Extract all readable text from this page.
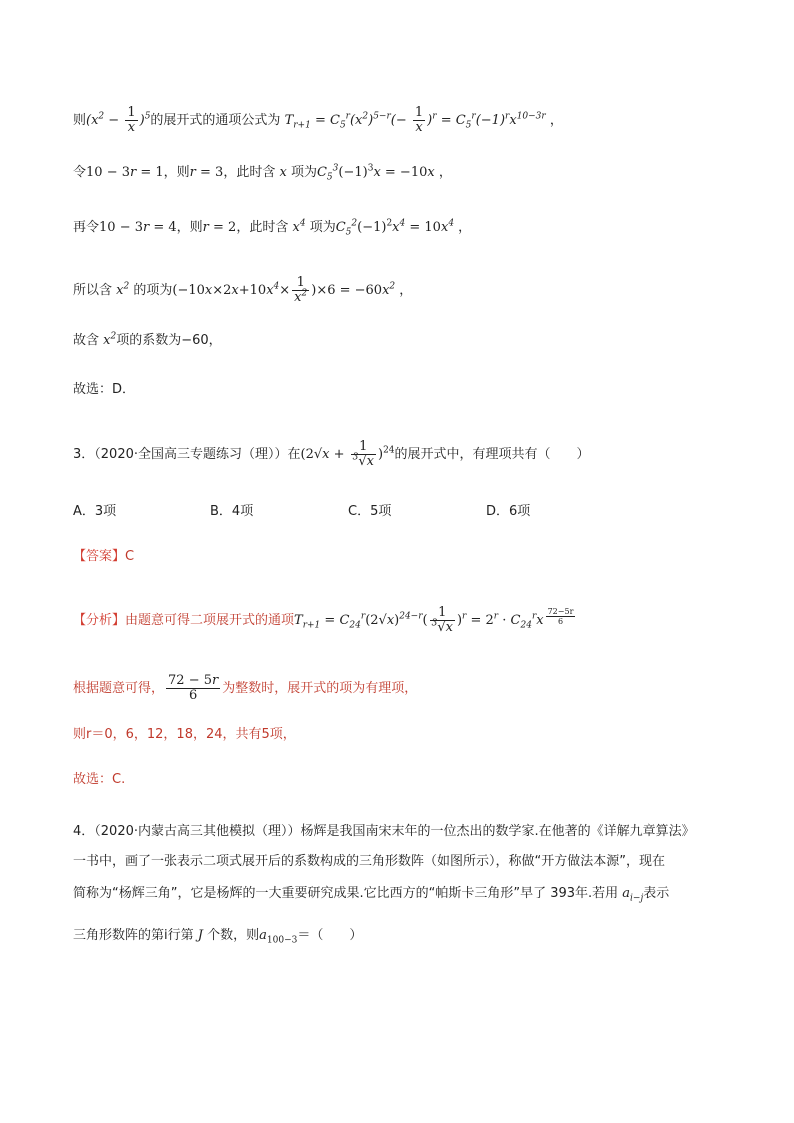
则$(x^2 - \frac{1}{x} )^5$的展开式的通项公式为 $T_{r+1} = C_5^r(x^2)^{5-r}(- \frac{1}{x} )^r = C_5^r(-1)^rx^{10-3r}$ ，
令10 − 3r = 1，则r = 3，此时含 x 项为$C_5^3(-1)^3x = -10x$ ，
再令10 − 3r = 4，则r = 2，此时含 $x^4$ 项为$C_5^2(-1)^2x^4 = 10x^4$ ，
所以含 $x^2$ 的项为$(-10x\times 2x+10x^4\times \frac{1}{x^2} )\times 6 = -60x^2$ ，
故含 $x^2$项的系数为−60，
故选：D．
3．（2020·全国高三专题练习（理））在$(2√x + \frac{1}{^3√x} )^{24}$的展开式中，有理项共有（　　）
A．3项	B．4项	C．5项	D．6项
【答案】C
【分析】由题意可得二项展开式的通项$T_{r+1} = C_{24}^r(2√x)^{24-r}( \frac{1}{^3√x} )^r = 2^r \cdot C_{24}^rx$ $^{\frac{72-5r}{6}}$
根据题意可得， $\frac{72 - 5r}{6}$ 为整数时，展开式的项为有理项，
则r＝0，6，12，18，24，共有5项，
故选：C.
4．（2020·内蒙古高三其他模拟（理））杨辉是我国南宋末年的一位杰出的数学家.在他著的《详解九章算法》
一书中，画了一张表示二项式展开后的系数构成的三角形数阵（如图所示），称做“开方做法本源”，现在
简称为“杨辉三角”，它是杨辉的一大重要研究成果.它比西方的“帕斯卡三角形”早了 393年.若用 $a_{i-j}$表示
三角形数阵的第i行第 J 个数，则$a_{100-3}=$（　　）
